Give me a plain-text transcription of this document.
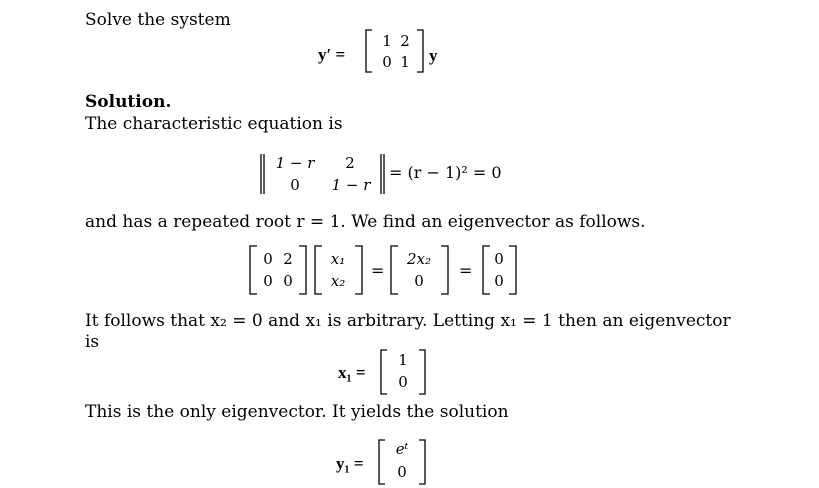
Solve the system
y′ =
1 2
0 1 y
Solution.
The characteristic equation is
1 − r	2
0	1 − r
= (r − 1)² = 0
and has a repeated root r = 1. We find an eigenvector as follows.
0 2
0 0
x₁
x₂
=
2x₂
0
=
0
0
It follows that x₂ = 0 and x₁ is arbitrary. Letting x₁ = 1 then an eigenvector
is
x₁ =
1
0
This is the only eigenvector. It yields the solution
y₁ =
eᵗ
0
